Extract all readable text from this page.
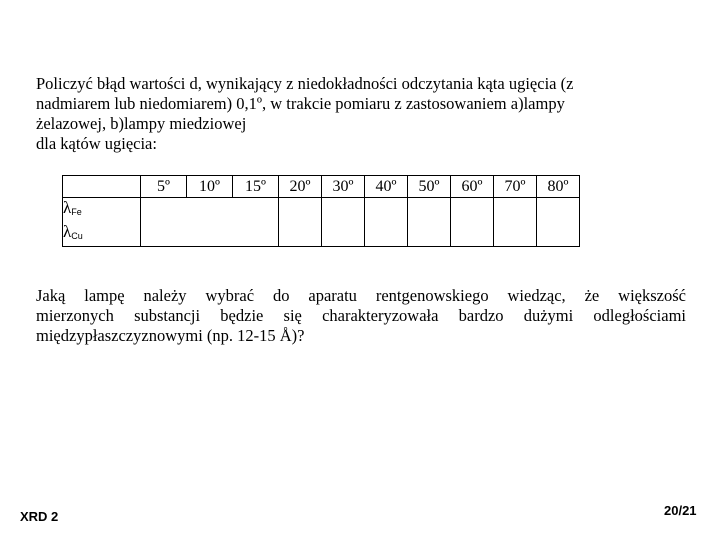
Policzyć błąd wartości d, wynikający z niedokładności odczytania kąta ugięcia (z
nadmiarem lub niedomiarem) 0,1º, w trakcie pomiaru z zastosowaniem a)lampy
żelazowej, b)lampy miedziowej
dla kątów ugięcia:
	5º	10º	15º	20º	30º	40º	50º	60º	70º	80º

$\lambda_{Fe}$
$\lambda_{Cu}$

Jaką lampę należy wybrać do aparatu rentgenowskiego wiedząc, że większość
mierzonych substancji będzie się charakteryzowała bardzo dużymi odległościami
międzypłaszczyznowymi (np. 12-15 Å)?
XRD 2	20/21
